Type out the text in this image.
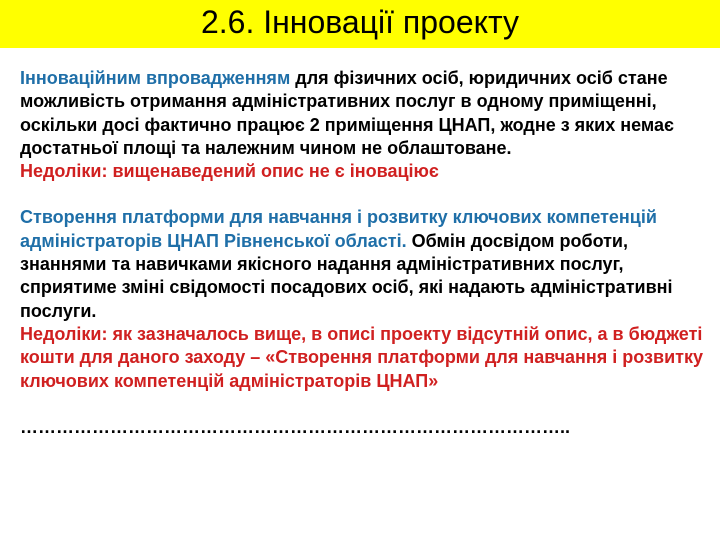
2.6. Інновації проекту

Інноваційним впровадженням для фізичних осіб, юридичних осіб стане можливість отримання адміністративних послуг в одному приміщенні, оскільки досі фактично працює 2 приміщення ЦНАП, жодне з яких немає достатньої площі та належним чином не облаштоване.

Недоліки: вищенаведений опис не є іноваціює

Створення платформи для навчання і розвитку ключових компетенцій адміністраторів ЦНАП Рівненської області. Обмін досвідом роботи, знаннями та навичками якісного надання адміністративних послуг, сприятиме зміні свідомості посадових осіб, які надають адміністративні послуги.

Недоліки: як зазначалось вище, в описі проекту відсутній опис, а в бюджеті кошти для даного заходу – «Створення платформи для навчання і розвитку ключових компетенцій адміністраторів ЦНАП»

………………………………………………………………………………..
